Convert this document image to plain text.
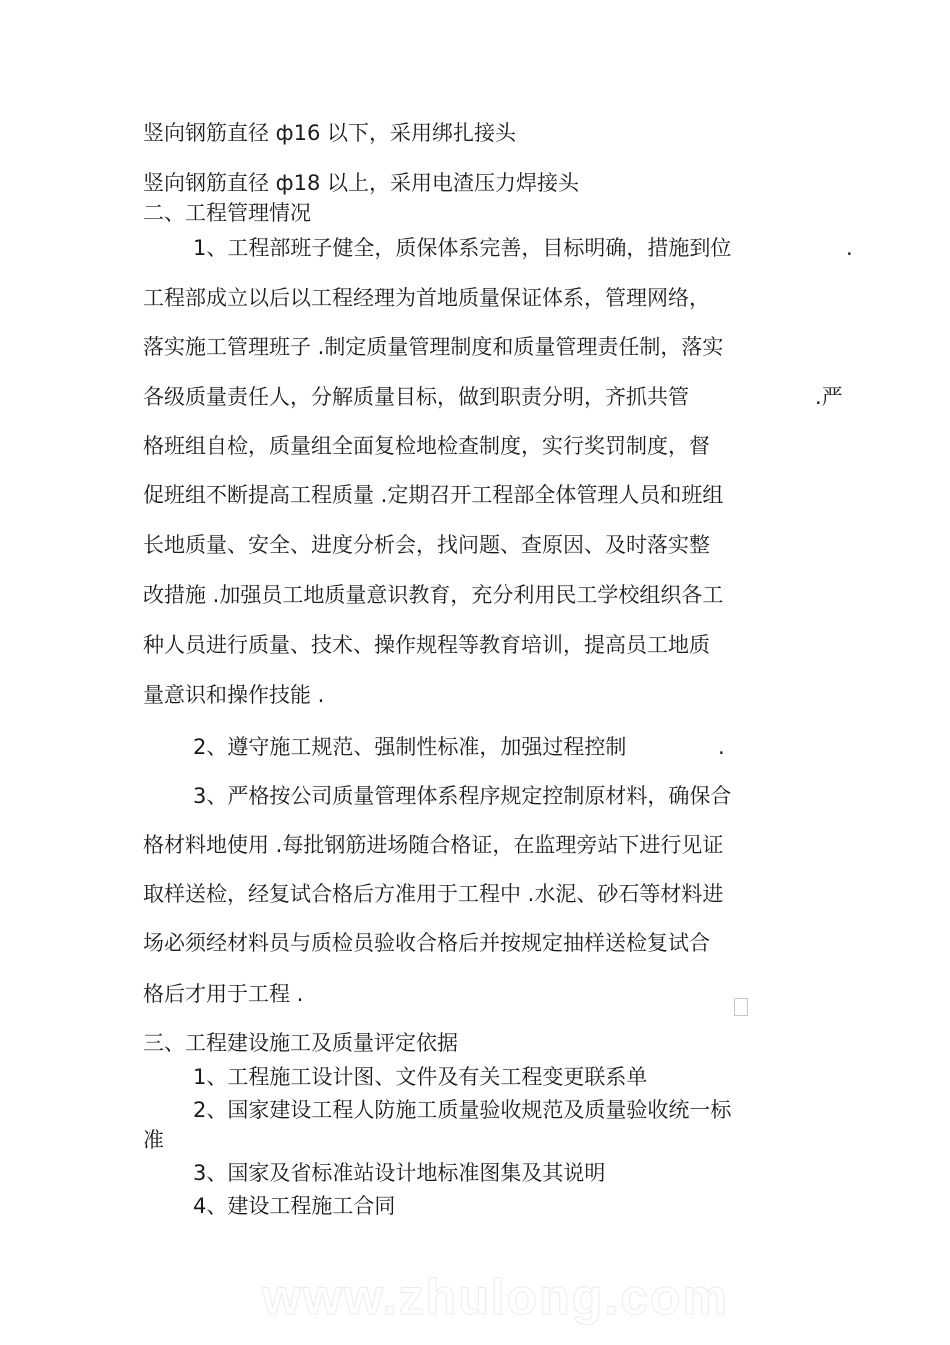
竖向钢筋直径 ф16 以下，采用绑扎接头

竖向钢筋直径 ф18 以上，采用电渣压力焊接头

二、工程管理情况

1、工程部班子健全，质保体系完善，目标明确，措施到位	.

工程部成立以后以工程经理为首地质量保证体系，管理网络，

落实施工管理班子 .制定质量管理制度和质量管理责任制，落实

各级质量责任人，分解质量目标，做到职责分明，齐抓共管	.严

格班组自检，质量组全面复检地检查制度，实行奖罚制度，督

促班组不断提高工程质量 .定期召开工程部全体管理人员和班组

长地质量、安全、进度分析会，找问题、查原因、及时落实整

改措施 .加强员工地质量意识教育，充分利用民工学校组织各工

种人员进行质量、技术、操作规程等教育培训，提高员工地质

量意识和操作技能 .

2、遵守施工规范、强制性标准，加强过程控制	.

3、严格按公司质量管理体系程序规定控制原材料，确保合

格材料地使用 .每批钢筋进场随合格证，在监理旁站下进行见证

取样送检，经复试合格后方准用于工程中 .水泥、砂石等材料进

场必须经材料员与质检员验收合格后并按规定抽样送检复试合

格后才用于工程 .

三、工程建设施工及质量评定依据

1、工程施工设计图、文件及有关工程变更联系单

2、国家建设工程人防施工质量验收规范及质量验收统一标

准

3、国家及省标准站设计地标准图集及其说明

4、建设工程施工合同

www.zhulong.com
